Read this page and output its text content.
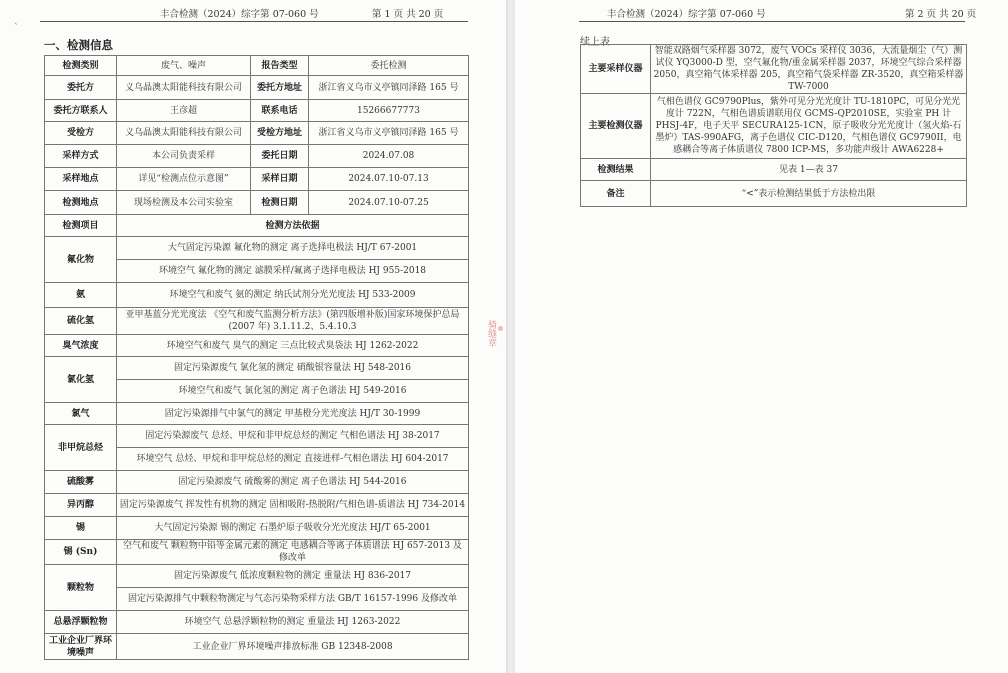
、
丰合检测（2024）综字第 07-060 号	第 1 页 共 20 页
一、检测信息
检测类别	废气、噪声	报告类型	委托检测
委托方	义乌晶澳太阳能科技有限公司	委托方地址	浙江省义乌市义亭镇同泽路 165 号
委托方联系人	王彦超	联系电话	15266677773
受检方	义乌晶澳太阳能科技有限公司	受检方地址	浙江省义乌市义亭镇同泽路 165 号
采样方式	本公司负责采样	委托日期	2024.07.08
采样地点	详见“检测点位示意图”	采样日期	2024.07.10-07.13
检测地点	现场检测及本公司实验室	检测日期	2024.07.10-07.25
检测项目	检测方法依据		
氟化物	大气固定污染源 氟化物的测定 离子选择电极法 HJ/T 67-2001		
	环境空气 氟化物的测定 滤膜采样/氟离子选择电极法 HJ 955-2018		
氨	环境空气和废气 氨的测定 纳氏试剂分光光度法 HJ 533-2009		
硫化氢	亚甲基蓝分光光度法 《空气和废气监测分析方法》(第四版增补版)国家环境保护总局 (2007 年) 3.1.11.2、5.4.10.3		
臭气浓度	环境空气和废气 臭气的测定 三点比较式臭袋法 HJ 1262-2022		
氯化氢	固定污染源废气 氯化氢的测定 硝酸银容量法 HJ 548-2016		
	环境空气和废气 氯化氢的测定 离子色谱法 HJ 549-2016		
氯气	固定污染源排气中氯气的测定 甲基橙分光光度法 HJ/T 30-1999		
非甲烷总烃	固定污染源废气 总烃、甲烷和非甲烷总烃的测定 气相色谱法 HJ 38-2017		
	环境空气 总烃、甲烷和非甲烷总烃的测定 直接进样-气相色谱法 HJ 604-2017		
硫酸雾	固定污染源废气 硫酸雾的测定 离子色谱法 HJ 544-2016		
异丙醇	固定污染源废气 挥发性有机物的测定 固相吸附-热脱附/气相色谱-质谱法 HJ 734-2014		
锡	大气固定污染源 锡的测定 石墨炉原子吸收分光光度法 HJ/T 65-2001		
锡 (Sn)	空气和废气 颗粒物中铅等金属元素的测定 电感耦合等离子体质谱法 HJ 657-2013 及修改单		
颗粒物	固定污染源废气 低浓度颗粒物的测定 重量法 HJ 836-2017		
	固定污染源排气中颗粒物测定与气态污染物采样方法 GB/T 16157-1996 及修改单		
总悬浮颗粒物	环境空气 总悬浮颗粒物的测定 重量法 HJ 1263-2022		
工业企业厂界环境噪声	工业企业厂界环境噪声排放标准 GB 12348-2008		
骑缝章
丰合检测（2024）综字第 07-060 号	第 2 页 共 20 页
续上表
主要采样仪器	智能双路烟气采样器 3072，废气 VOCs 采样仪 3036，大流量烟尘（气）测试仪 YQ3000-D 型，空气氟化物/重金属采样器 2037，环境空气综合采样器 2050，真空箱气体采样器 205，真空箱气袋采样器 ZR-3520，真空箱采样器 TW-7000
主要检测仪器	气相色谱仪 GC9790Plus，紫外可见分光光度计 TU-1810PC，可见分光光度计 722N，气相色谱质谱联用仪 GCMS-QP2010SE，实验室 PH 计 PHSJ-4F，电子天平 SECURA125-1CN，原子吸收分光光度计（氢火焰-石墨炉）TAS-990AFG，离子色谱仪 CIC-D120，气相色谱仪 GC9790II，电感耦合等离子体质谱仪 7800 ICP-MS，多功能声级计 AWA6228+
检测结果	见表 1—表 37
备注	“<”表示检测结果低于方法检出限
